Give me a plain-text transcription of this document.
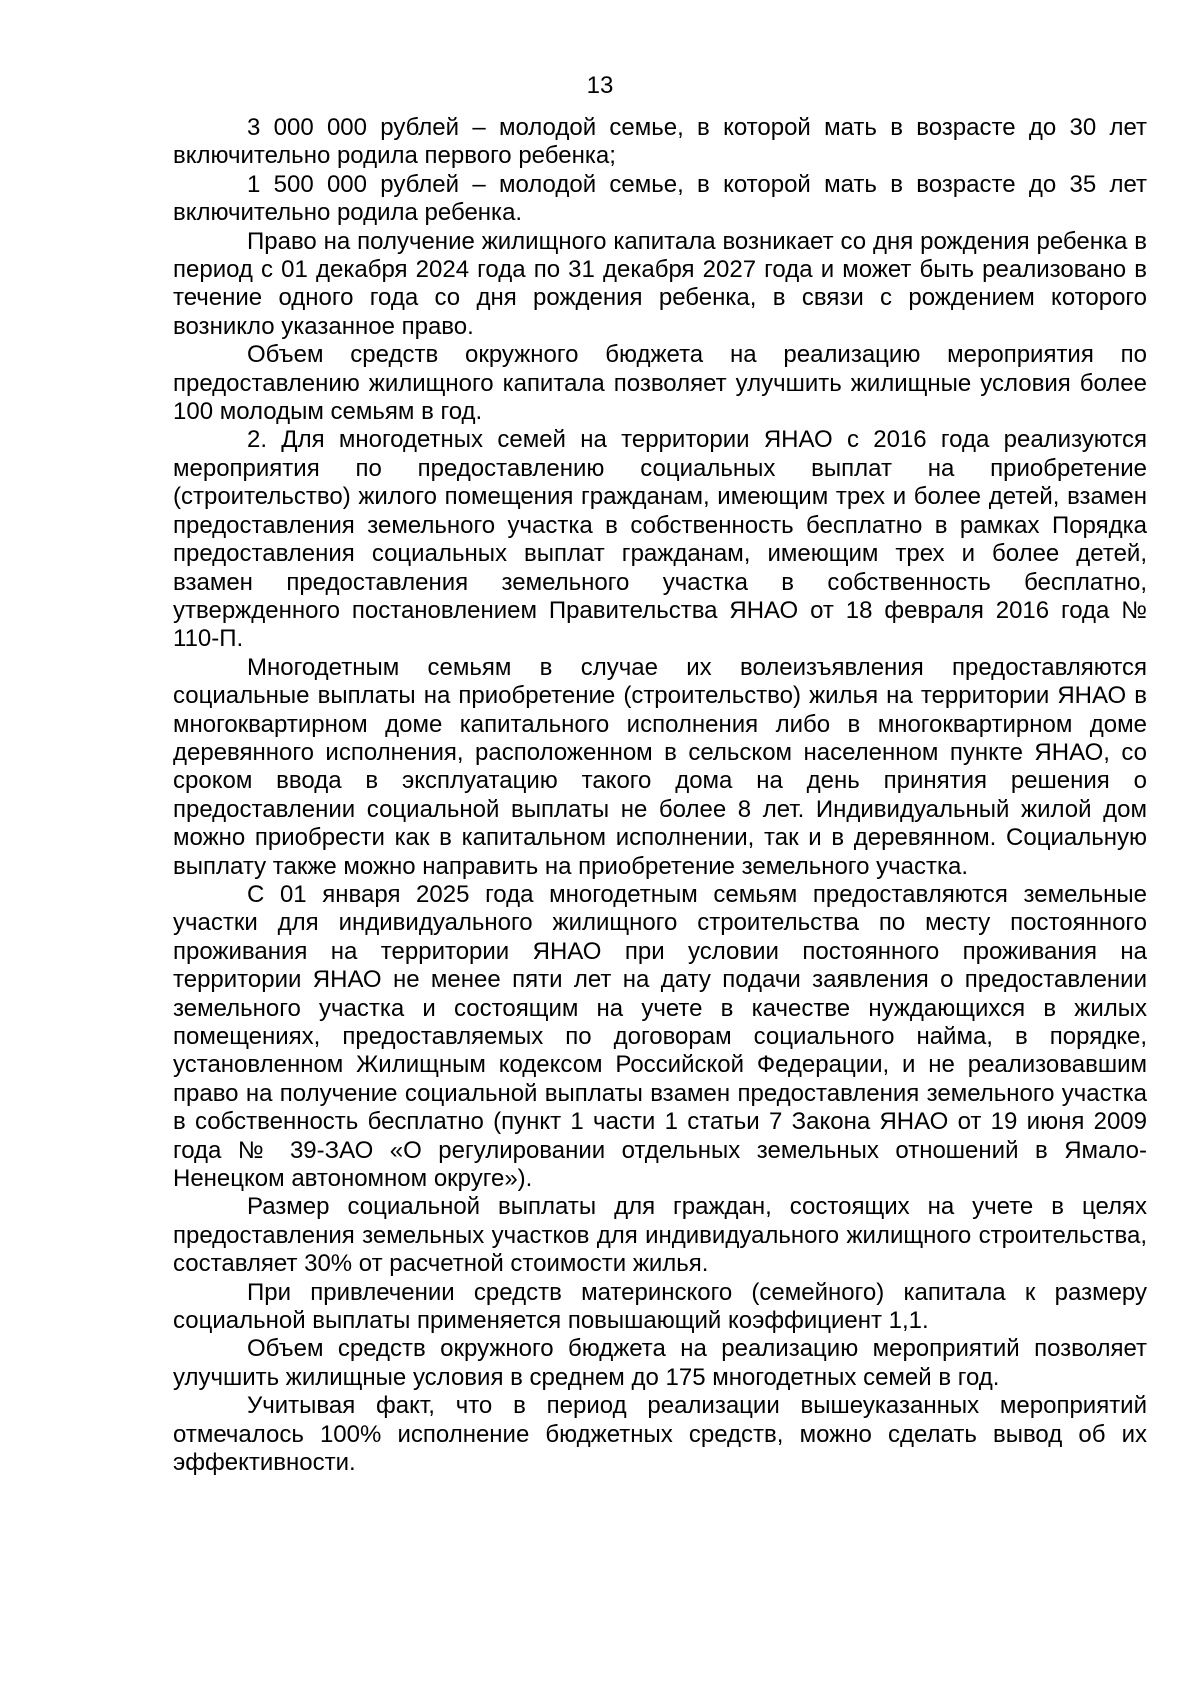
13

3 000 000 рублей – молодой семье, в которой мать в возрасте до 30 лет включительно родила первого ребенка;

1 500 000 рублей – молодой семье, в которой мать в возрасте до 35 лет включительно родила ребенка.

Право на получение жилищного капитала возникает со дня рождения ребенка в период с 01 декабря 2024 года по 31 декабря 2027 года и может быть реализовано в течение одного года со дня рождения ребенка, в связи с рождением которого возникло указанное право.

Объем средств окружного бюджета на реализацию мероприятия по предоставлению жилищного капитала позволяет улучшить жилищные условия более 100 молодым семьям в год.

2. Для многодетных семей на территории ЯНАО с 2016 года реализуются мероприятия по предоставлению социальных выплат на приобретение (строительство) жилого помещения гражданам, имеющим трех и более детей, взамен предоставления земельного участка в собственность бесплатно в рамках Порядка предоставления социальных выплат гражданам, имеющим трех и более детей, взамен предоставления земельного участка в собственность бесплатно, утвержденного постановлением Правительства ЯНАО от 18 февраля 2016 года № 110-П.

Многодетным семьям в случае их волеизъявления предоставляются социальные выплаты на приобретение (строительство) жилья на территории ЯНАО в многоквартирном доме капитального исполнения либо в многоквартирном доме деревянного исполнения, расположенном в сельском населенном пункте ЯНАО, со сроком ввода в эксплуатацию такого дома на день принятия решения о предоставлении социальной выплаты не более 8 лет. Индивидуальный жилой дом можно приобрести как в капитальном исполнении, так и в деревянном. Социальную выплату также можно направить на приобретение земельного участка.

С 01 января 2025 года многодетным семьям предоставляются земельные участки для индивидуального жилищного строительства по месту постоянного проживания на территории ЯНАО при условии постоянного проживания на территории ЯНАО не менее пяти лет на дату подачи заявления о предоставлении земельного участка и состоящим на учете в качестве нуждающихся в жилых помещениях, предоставляемых по договорам социального найма, в порядке, установленном Жилищным кодексом Российской Федерации, и не реализовавшим право на получение социальной выплаты взамен предоставления земельного участка в собственность бесплатно (пункт 1 части 1 статьи 7 Закона ЯНАО от 19 июня 2009 года № 39-ЗАО «О регулировании отдельных земельных отношений в Ямало-Ненецком автономном округе»).

Размер социальной выплаты для граждан, состоящих на учете в целях предоставления земельных участков для индивидуального жилищного строительства, составляет 30% от расчетной стоимости жилья.

При привлечении средств материнского (семейного) капитала к размеру социальной выплаты применяется повышающий коэффициент 1,1.

Объем средств окружного бюджета на реализацию мероприятий позволяет улучшить жилищные условия в среднем до 175 многодетных семей в год.

Учитывая факт, что в период реализации вышеуказанных мероприятий отмечалось 100% исполнение бюджетных средств, можно сделать вывод об их эффективности.
